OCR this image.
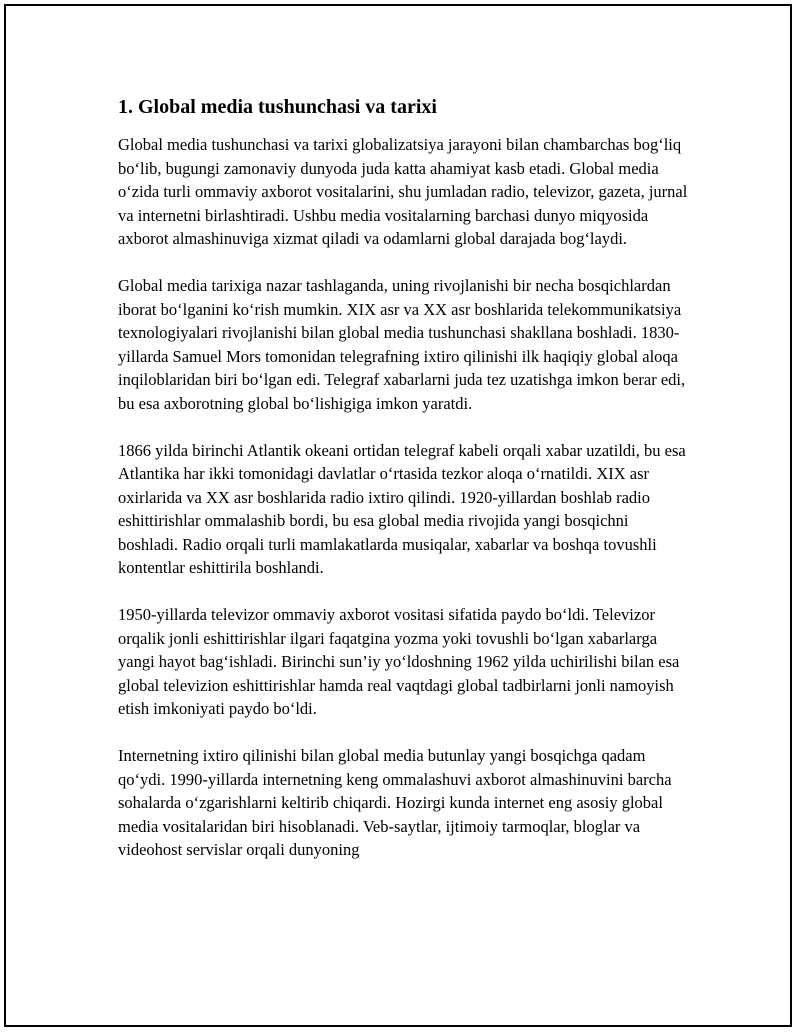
1. Global media tushunchasi va tarixi

Global media tushunchasi va tarixi globalizatsiya jarayoni bilan chambarchas bog‘liq bo‘lib, bugungi zamonaviy dunyoda juda katta ahamiyat kasb etadi. Global media o‘zida turli ommaviy axborot vositalarini, shu jumladan radio, televizor, gazeta, jurnal va internetni birlashtiradi. Ushbu media vositalarning barchasi dunyo miqyosida axborot almashinuviga xizmat qiladi va odamlarni global darajada bog‘laydi.

Global media tarixiga nazar tashlaganda, uning rivojlanishi bir necha bosqichlardan iborat bo‘lganini ko‘rish mumkin. XIX asr va XX asr boshlarida telekommunikatsiya texnologiyalari rivojlanishi bilan global media tushunchasi shakllana boshladi. 1830-yillarda Samuel Mors tomonidan telegrafning ixtiro qilinishi ilk haqiqiy global aloqa inqiloblaridan biri bo‘lgan edi. Telegraf xabarlarni juda tez uzatishga imkon berar edi, bu esa axborotning global bo‘lishigiga imkon yaratdi.

1866 yilda birinchi Atlantik okeani ortidan telegraf kabeli orqali xabar uzatildi, bu esa Atlantika har ikki tomonidagi davlatlar o‘rtasida tezkor aloqa o‘rnatildi. XIX asr oxirlarida va XX asr boshlarida radio ixtiro qilindi. 1920-yillardan boshlab radio eshittirishlar ommalashib bordi, bu esa global media rivojida yangi bosqichni boshladi. Radio orqali turli mamlakatlarda musiqalar, xabarlar va boshqa tovushli kontentlar eshittirila boshlandi.

1950-yillarda televizor ommaviy axborot vositasi sifatida paydo bo‘ldi. Televizor orqalik jonli eshittirishlar ilgari faqatgina yozma yoki tovushli bo‘lgan xabarlarga yangi hayot bag‘ishladi. Birinchi sun’iy yo‘ldoshning 1962 yilda uchirilishi bilan esa global televizion eshittirishlar hamda real vaqtdagi global tadbirlarni jonli namoyish etish imkoniyati paydo bo‘ldi.

Internetning ixtiro qilinishi bilan global media butunlay yangi bosqichga qadam qo‘ydi. 1990-yillarda internetning keng ommalashuvi axborot almashinuvini barcha sohalarda o‘zgarishlarni keltirib chiqardi. Hozirgi kunda internet eng asosiy global media vositalaridan biri hisoblanadi. Veb-saytlar, ijtimoiy tarmoqlar, bloglar va videohost servislar orqali dunyoning
